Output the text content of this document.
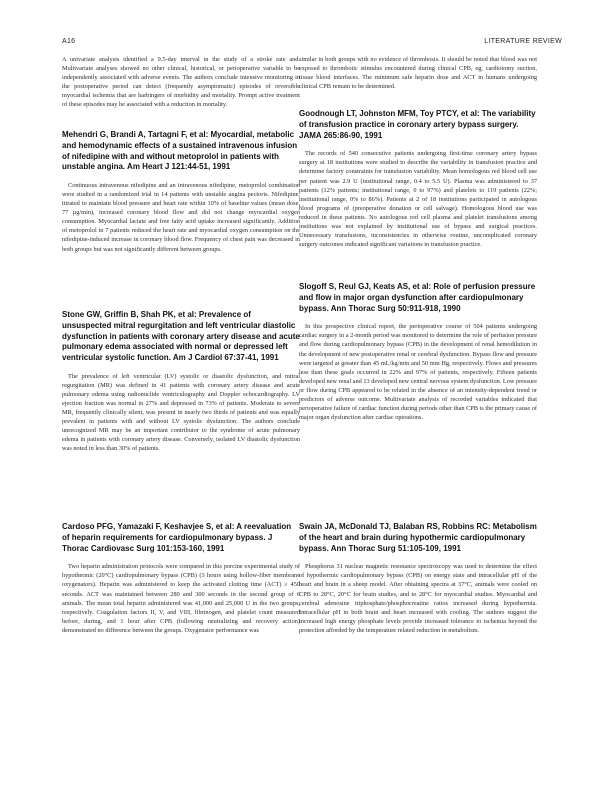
A16	LITERATURE REVIEW

A univariate analysis identified a 9.5-day interval in the study of a stroke rate and. Multivariate analyses showed no other clinical, historical, or perioperative variable to be independently associated with adverse events. The authors conclude intensive monitoring in the postoperative period can detect (frequently asymptomatic) episodes of reversible myocardial ischemia that are harbingers of morbidity and mortality. Prompt active treatment of these episodes may be associated with a reduction in mortality.

Mehendri G, Brandi A, Tartagni F, et al: Myocardial, metabolic and hemodynamic effects of a sustained intravenous infusion of nifedipine with and without metoprolol in patients with unstable angina. Am Heart J 121:44-51, 1991

Continuous intravenous nifedipine and an intravenous nifedipine, metoprolol combination were studied in a randomized trial in 14 patients with unstable angina pectoris. Nifedipine, titrated to maintain blood pressure and heart rate within 10% of baseline values (mean dose, 77 µg/min), increased coronary blood flow and did not change myocardial oxygen consumption. Myocardial lactate and free fatty acid uptake increased significantly. Addition of metoprolol in 7 patients reduced the heart rate and myocardial oxygen consumption on the nifedipine-induced increase in coronary blood flow. Frequency of chest pain was decreased in both groups but was not significantly different between groups.

Stone GW, Griffin B, Shah PK, et al: Prevalence of unsuspected mitral regurgitation and left ventricular diastolic dysfunction in patients with coronary artery disease and acute pulmonary edema associated with normal or depressed left ventricular systolic function. Am J Cardiol 67:37-41, 1991

The prevalence of left ventricular (LV) systolic or diastolic dysfunction, and mitral regurgitation (MR) was defined in 41 patients with coronary artery disease and acute pulmonary edema using radionuclide ventriculography and Doppler echocardiography. LV ejection fraction was normal in 27% and depressed in 73% of patients. Moderate to severe MR, frequently clinically silent, was present in nearly two thirds of patients and was equally prevalent in patients with and without LV systolic dysfunction. The authors conclude unrecognized MR may be an important contributor to the syndrome of acute pulmonary edema in patients with coronary artery disease. Conversely, isolated LV diastolic dysfunction was noted in less than 30% of patients.

Cardoso PFG, Yamazaki F, Keshavjee S, et al: A reevaluation of heparin requirements for cardiopulmonary bypass. J Thorac Cardiovasc Surg 101:153-160, 1991

Two heparin administration protocols were compared in this porcine experimental study of hypothermic (20°C) cardiopulmonary bypass (CPB) (3 hours using hollow-fiber membrane oxygenators). Heparin was administered to keep the activated clotting time (ACT) ≥ 450 seconds. ACT was maintained between 280 and 300 seconds in the second group of 6 animals. The mean total heparin administered was 41,000 and 25,000 U in the two groups, respectively. Coagulation factors II, V, and VIII, fibrinogen, and platelet count measured before, during, and 1 hour after CPB (following neutralizing and recovery action) demonstrated no difference between the groups. Oxygenator performance was

similar in both groups with no evidence of thrombosis. It should be noted that blood was not exposed to thrombotic stimulus encountered during clinical CPB, eg, cardiotomy suction, tissue blood interfaces. The minimum safe heparin dose and ACT in humans undergoing clinical CPB remain to be determined.

Goodnough LT, Johnston MFM, Toy PTCY, et al: The variability of transfusion practice in coronary artery bypass surgery. JAMA 265:86-90, 1991

The records of 540 consecutive patients undergoing first-time coronary artery bypass surgery at 18 institutions were studied to describe the variability in transfusion practice and determine factory constraints for transfusion variability. Mean homologous red blood cell use per patient was 2.9 U (institutional range, 0.4 to 5.5 U). Plasma was administered to 37 patients (12% patients; institutional range, 0 to 97%) and platelets to 119 patients (22%; institutional range, 0% to 86%). Patients at 2 of 18 institutions participated in autologous blood programs of (preoperative donation or cell salvage). Homologous blood use was reduced in these patients. No autologous red cell plasma and platelet transfusions among institutions was not explained by institutional use of bypass and surgical practices. Unnecessary transfusions, inconsistencies in otherwise routine, uncomplicated coronary surgery outcomes indicated significant variations in transfusion practice.

Slogoff S, Reul GJ, Keats AS, et al: Role of perfusion pressure and flow in major organ dysfunction after cardiopulmonary bypass. Ann Thorac Surg 50:911-918, 1990

In this prospective clinical report, the perioperative course of 504 patients undergoing cardiac surgery in a 2-month period was monitored to determine the role of perfusion pressure and flow during cardiopulmonary bypass (CPB) in the development of renal hemodilution in the development of new postoperative renal or cerebral dysfunction. Bypass flow and pressure were targeted at greater than 45 mL/kg/min and 50 mm Hg, respectively. Flows and pressures less than these goals occurred in 22% and 97% of patients, respectively. Fifteen patients developed new renal and 13 developed new central nervous system dysfunction. Low pressure or flow during CPB appeared to be related in the absence of an intensity-dependent trend or predictors of adverse outcome. Multivariate analysis of recorded variables indicated that perioperative failure of cardiac function during periods other than CPB is the primary cause of major organ dysfunction after cardiac operations.

Swain JA, McDonald TJ, Balaban RS, Robbins RC: Metabolism of the heart and brain during hypothermic cardiopulmonary bypass. Ann Thorac Surg 51:105-109, 1991

Phosphorus 31 nuclear magnetic resonance spectroscopy was used to determine the effect of hypothermic cardiopulmonary bypass (CPB) on energy state and intracellular pH of the heart and brain in a sheep model. After obtaining spectra at 37°C, animals were cooled on CPB to 28°C, 20°C for brain studies, and to 28°C for myocardial studies. Myocardial and cerebral adenosine triphosphate/phosphocreatine ratios increased during hypothermia. Intracellular pH in both brain and heart increased with cooling. The authors suggest the increased high energy phosphate levels provide increased tolerance to ischemia beyond the protection afforded by the temperature related reduction in metabolism.
